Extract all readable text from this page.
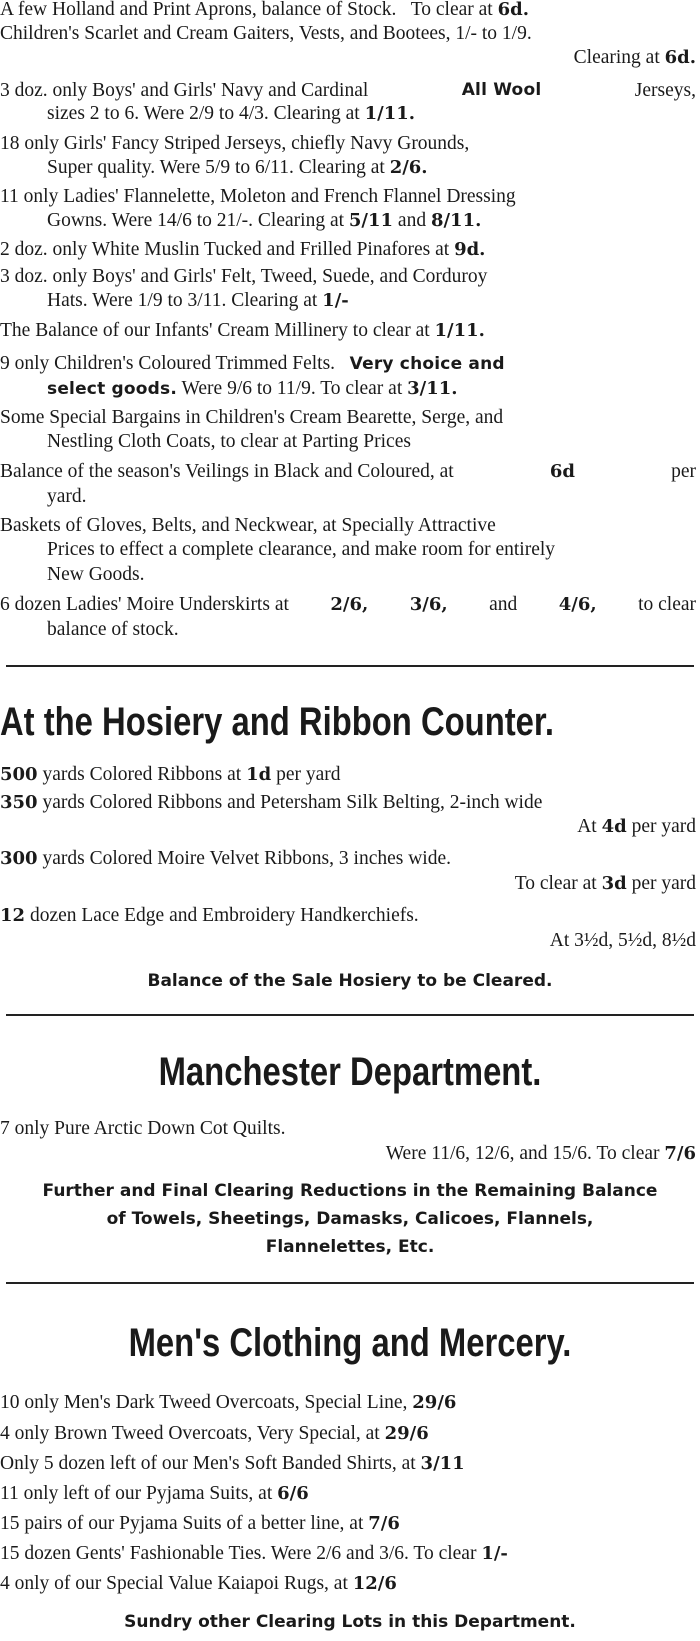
A few Holland and Print Aprons, balance of Stock. To clear at 6d.
Children's Scarlet and Cream Gaiters, Vests, and Bootees, 1/- to 1/9.
Clearing at 6d.
3 doz. only Boys' and Girls' Navy and Cardinal	All Wool	Jerseys,
sizes 2 to 6. Were 2/9 to 4/3. Clearing at 1/11.
18 only Girls' Fancy Striped Jerseys, chiefly Navy Grounds,
Super quality. Were 5/9 to 6/11. Clearing at 2/6.
11 only Ladies' Flannelette, Moleton and French Flannel Dressing
Gowns. Were 14/6 to 21/-. Clearing at 5/11 and 8/11.
2 doz. only White Muslin Tucked and Frilled Pinafores at 9d.
3 doz. only Boys' and Girls' Felt, Tweed, Suede, and Corduroy
Hats. Were 1/9 to 3/11. Clearing at 1/-
The Balance of our Infants' Cream Millinery to clear at 1/11.
9 only Children's Coloured Trimmed Felts. Very choice and
select goods. Were 9/6 to 11/9. To clear at 3/11.
Some Special Bargains in Children's Cream Bearette, Serge, and
Nestling Cloth Coats, to clear at Parting Prices
Balance of the season's Veilings in Black and Coloured, at	6d	per
yard.
Baskets of Gloves, Belts, and Neckwear, at Specially Attractive
Prices to effect a complete clearance, and make room for entirely
New Goods.
6 dozen Ladies' Moire Underskirts at 2/6, 3/6, and 4/6, to clear
balance of stock.
At the Hosiery and Ribbon Counter.
500 yards Colored Ribbons at 1d per yard
350 yards Colored Ribbons and Petersham Silk Belting, 2-inch wide
At 4d per yard
300 yards Colored Moire Velvet Ribbons, 3 inches wide.
To clear at 3d per yard
12 dozen Lace Edge and Embroidery Handkerchiefs.
At 3½d, 5½d, 8½d
Balance of the Sale Hosiery to be Cleared.
Manchester Department.
7 only Pure Arctic Down Cot Quilts.
Were 11/6, 12/6, and 15/6. To clear 7/6
Further and Final Clearing Reductions in the Remaining Balance
of Towels, Sheetings, Damasks, Calicoes, Flannels,
Flannelettes, Etc.
Men's Clothing and Mercery.
10 only Men's Dark Tweed Overcoats, Special Line, 29/6
4 only Brown Tweed Overcoats, Very Special, at 29/6
Only 5 dozen left of our Men's Soft Banded Shirts, at 3/11
11 only left of our Pyjama Suits, at 6/6
15 pairs of our Pyjama Suits of a better line, at 7/6
15 dozen Gents' Fashionable Ties. Were 2/6 and 3/6. To clear 1/-
4 only of our Special Value Kaiapoi Rugs, at 12/6
Sundry other Clearing Lots in this Department.
